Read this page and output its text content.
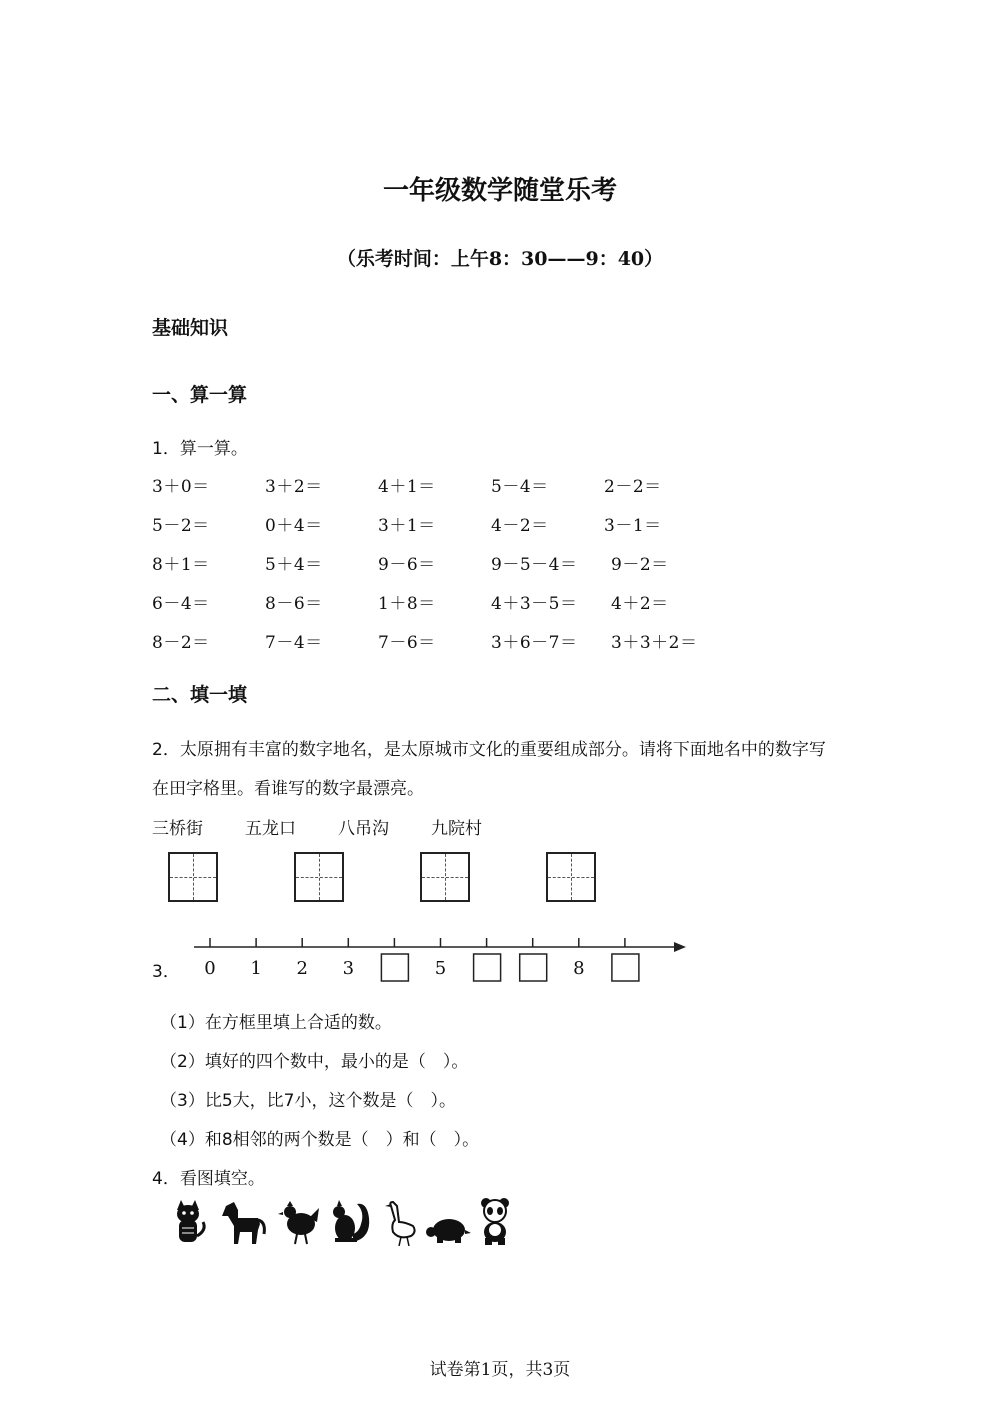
一年级数学随堂乐考
（乐考时间：上午8：30——9：40）
基础知识
一、算一算
1．算一算。
3＋0＝	3＋2＝	4＋1＝	5－4＝	2－2＝
5－2＝	0＋4＝	3＋1＝	4－2＝	3－1＝
8＋1＝	5＋4＝	9－6＝	9－5－4＝ 9－2＝
6－4＝	8－6＝	1＋8＝	4＋3－5＝ 4＋2＝
8－2＝	7－4＝	7－6＝	3＋6－7＝ 3＋3＋2＝
二、填一填
2．太原拥有丰富的数字地名，是太原城市文化的重要组成部分。请将下面地名中的数字写
在田字格里。看谁写的数字最漂亮。
三桥街 五龙口 八吊沟 九院村
3． 0 1 2 3	5	8
（1）在方框里填上合适的数。
（2）填好的四个数中，最小的是（　）。
（3）比5大，比7小，这个数是（　）。
（4）和8相邻的两个数是（　）和（　）。
4．看图填空。
试卷第1页，共3页
